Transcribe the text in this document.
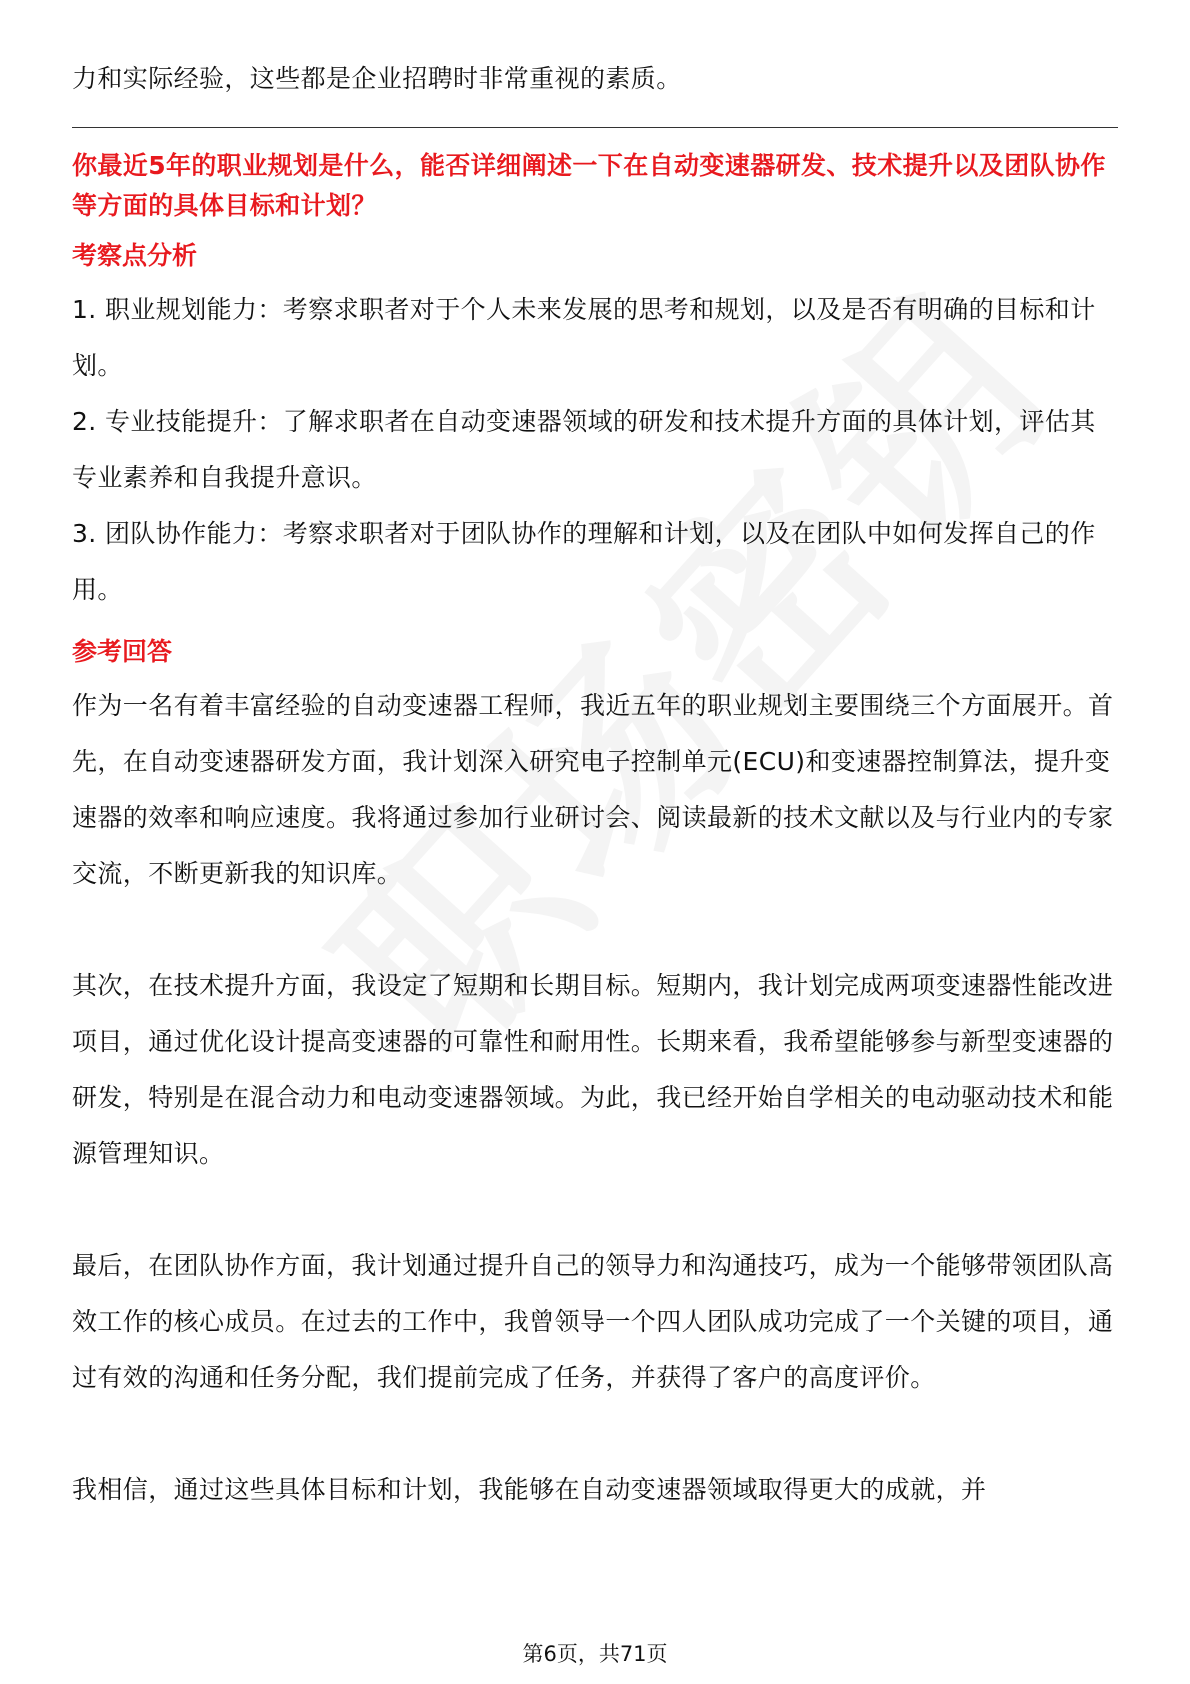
力和实际经验，这些都是企业招聘时非常重视的素质。

你最近5年的职业规划是什么，能否详细阐述一下在自动变速器研发、技术提升以及团队协作等方面的具体目标和计划？

考察点分析

1. 职业规划能力：考察求职者对于个人未来发展的思考和规划，以及是否有明确的目标和计划。

2. 专业技能提升：了解求职者在自动变速器领域的研发和技术提升方面的具体计划，评估其专业素养和自我提升意识。

3. 团队协作能力：考察求职者对于团队协作的理解和计划，以及在团队中如何发挥自己的作用。

参考回答

作为一名有着丰富经验的自动变速器工程师，我近五年的职业规划主要围绕三个方面展开。首先，在自动变速器研发方面，我计划深入研究电子控制单元(ECU)和变速器控制算法，提升变速器的效率和响应速度。我将通过参加行业研讨会、阅读最新的技术文献以及与行业内的专家交流，不断更新我的知识库。

其次，在技术提升方面，我设定了短期和长期目标。短期内，我计划完成两项变速器性能改进项目，通过优化设计提高变速器的可靠性和耐用性。长期来看，我希望能够参与新型变速器的研发，特别是在混合动力和电动变速器领域。为此，我已经开始自学相关的电动驱动技术和能源管理知识。

最后，在团队协作方面，我计划通过提升自己的领导力和沟通技巧，成为一个能够带领团队高效工作的核心成员。在过去的工作中，我曾领导一个四人团队成功完成了一个关键的项目，通过有效的沟通和任务分配，我们提前完成了任务，并获得了客户的高度评价。

我相信，通过这些具体目标和计划，我能够在自动变速器领域取得更大的成就，并

第6页，共71页
